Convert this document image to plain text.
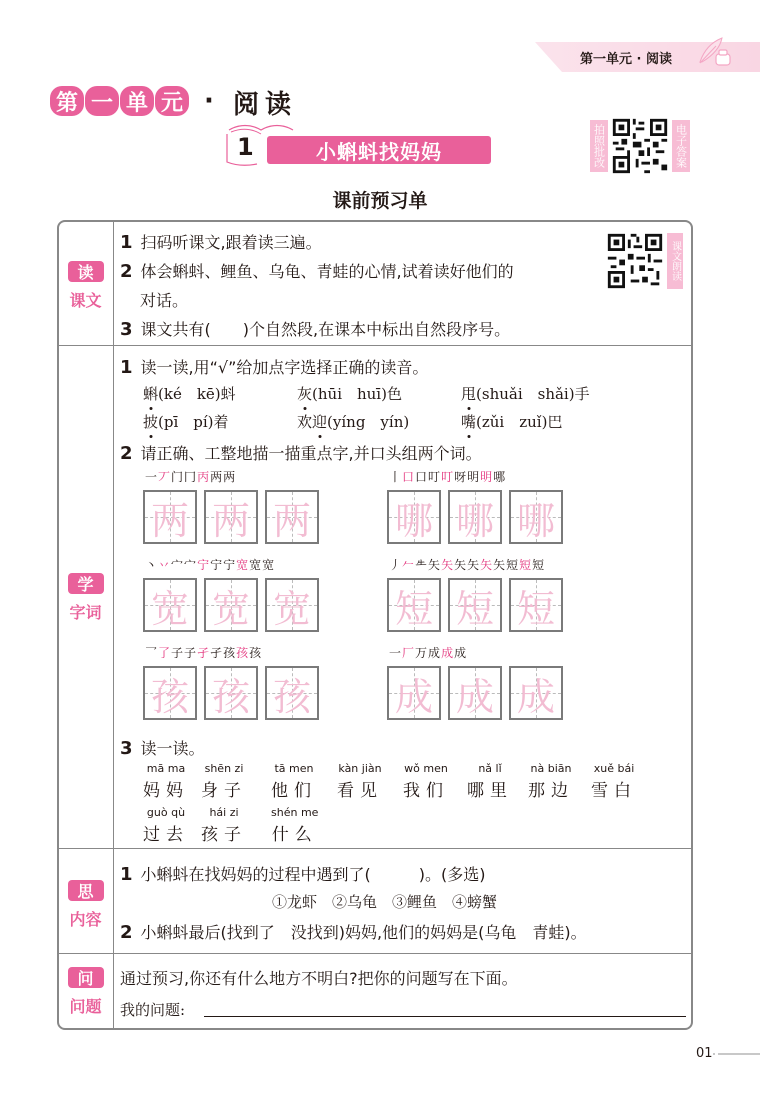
第一单元 · 阅读
第 一 单 元 · 阅读
1	小蝌蚪找妈妈	拍照批改	电子答案
课前预习单
读
课文
1 扫码听课文,跟着读三遍。
2 体会蝌蚪、鲤鱼、乌龟、青蛙的心情,试着读好他们的
对话。
3 课文共有(　　)个自然段,在课本中标出自然段序号。
课文朗读
学
字词
1 读一读,用“√”给加点字选择正确的读音。
蝌(ké　kē)蚪	灰(hūi　huī)色	甩(shuǎi　shǎi)手
披(pī　pí)着	欢迎(yíng　yín)	嘴(zǔi　zuǐ)巴
2 请正确、工整地描一描重点字,并口头组两个词。
一丆门冂丙两两
两 两 两
丨口口叮叮呀明明哪
哪 哪 哪
丶丷宀宀宁宁宁宽宽宽
宽 宽 宽
丿𠂉𠂒矢矢矢矢矢矢短短短
短 短 短
乛了子子孑孑孩孩孩
孩 孩 孩
一厂万成成成
成 成 成
3 读一读。
mā ma
妈妈
shēn zi
身子
tā men
他们
kàn jiàn
看见
wǒ men
我们
nǎ lǐ
哪里
nà biān
那边
xuě bái
雪白
guò qù
过去
hái zi
孩子
shén me
什么
思
内容
1 小蝌蚪在找妈妈的过程中遇到了(　　　)。(多选)
①龙虾　②乌龟　③鲤鱼　④螃蟹
2 小蝌蚪最后(找到了　没找到)妈妈,他们的妈妈是(乌龟　青蛙)。
问
问题
通过预习,你还有什么地方不明白?把你的问题写在下面。
我的问题:
01
